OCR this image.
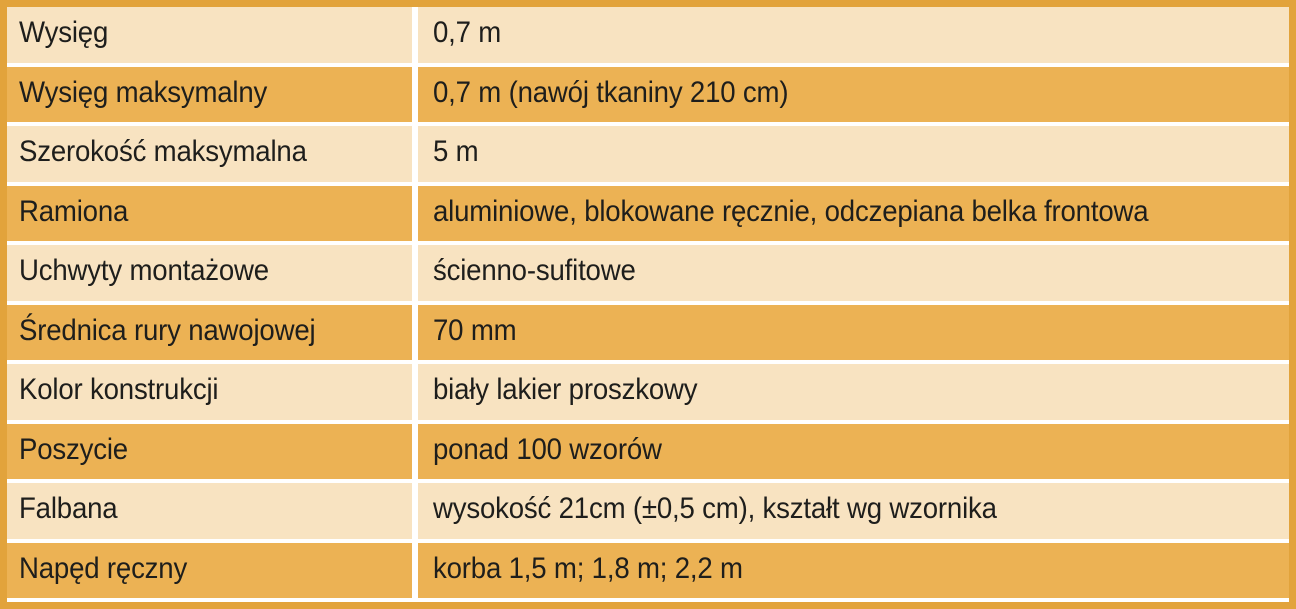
Wysięg	0,7 m
Wysięg maksymalny	0,7 m (nawój tkaniny 210 cm)
Szerokość maksymalna	5 m
Ramiona	aluminiowe, blokowane ręcznie, odczepiana belka frontowa
Uchwyty montażowe	ścienno-sufitowe
Średnica rury nawojowej	70 mm
Kolor konstrukcji	biały lakier proszkowy
Poszycie	ponad 100 wzorów
Falbana	wysokość 21cm (±0,5 cm), kształt wg wzornika
Napęd ręczny	korba 1,5 m; 1,8 m; 2,2 m
